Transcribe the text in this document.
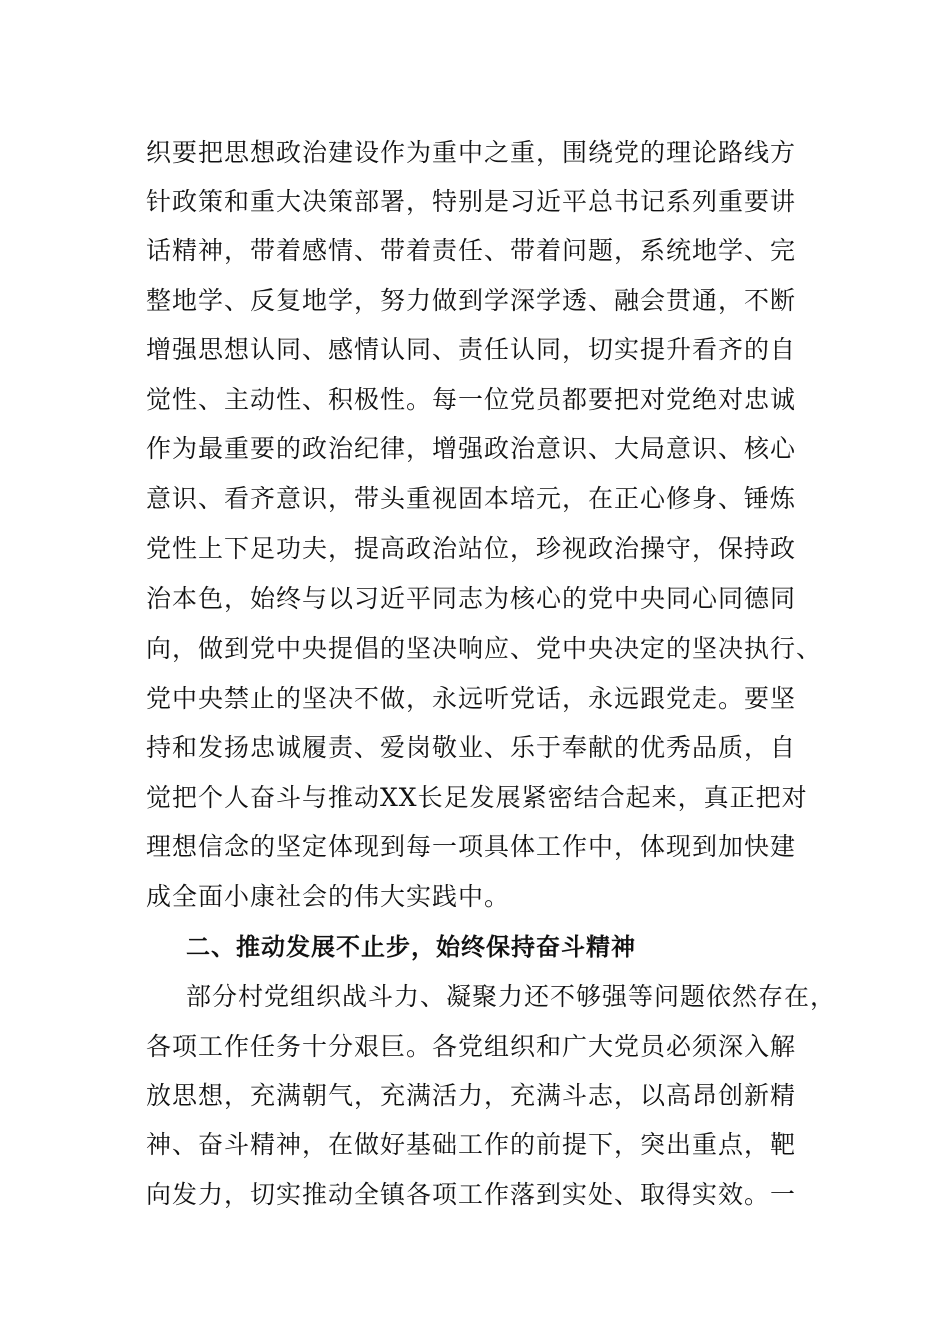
织要把思想政治建设作为重中之重，围绕党的理论路线方
针政策和重大决策部署，特别是习近平总书记系列重要讲
话精神，带着感情、带着责任、带着问题，系统地学、完
整地学、反复地学，努力做到学深学透、融会贯通，不断
增强思想认同、感情认同、责任认同，切实提升看齐的自
觉性、主动性、积极性。每一位党员都要把对党绝对忠诚
作为最重要的政治纪律，增强政治意识、大局意识、核心
意识、看齐意识，带头重视固本培元，在正心修身、锤炼
党性上下足功夫，提高政治站位，珍视政治操守，保持政
治本色，始终与以习近平同志为核心的党中央同心同德同
向，做到党中央提倡的坚决响应、党中央决定的坚决执行、
党中央禁止的坚决不做，永远听党话，永远跟党走。要坚
持和发扬忠诚履责、爱岗敬业、乐于奉献的优秀品质，自
觉把个人奋斗与推动XX长足发展紧密结合起来，真正把对
理想信念的坚定体现到每一项具体工作中，体现到加快建
成全面小康社会的伟大实践中。
二、推动发展不止步，始终保持奋斗精神
部分村党组织战斗力、凝聚力还不够强等问题依然存在，
各项工作任务十分艰巨。各党组织和广大党员必须深入解
放思想，充满朝气，充满活力，充满斗志，以高昂创新精
神、奋斗精神，在做好基础工作的前提下，突出重点，靶
向发力，切实推动全镇各项工作落到实处、取得实效。一
